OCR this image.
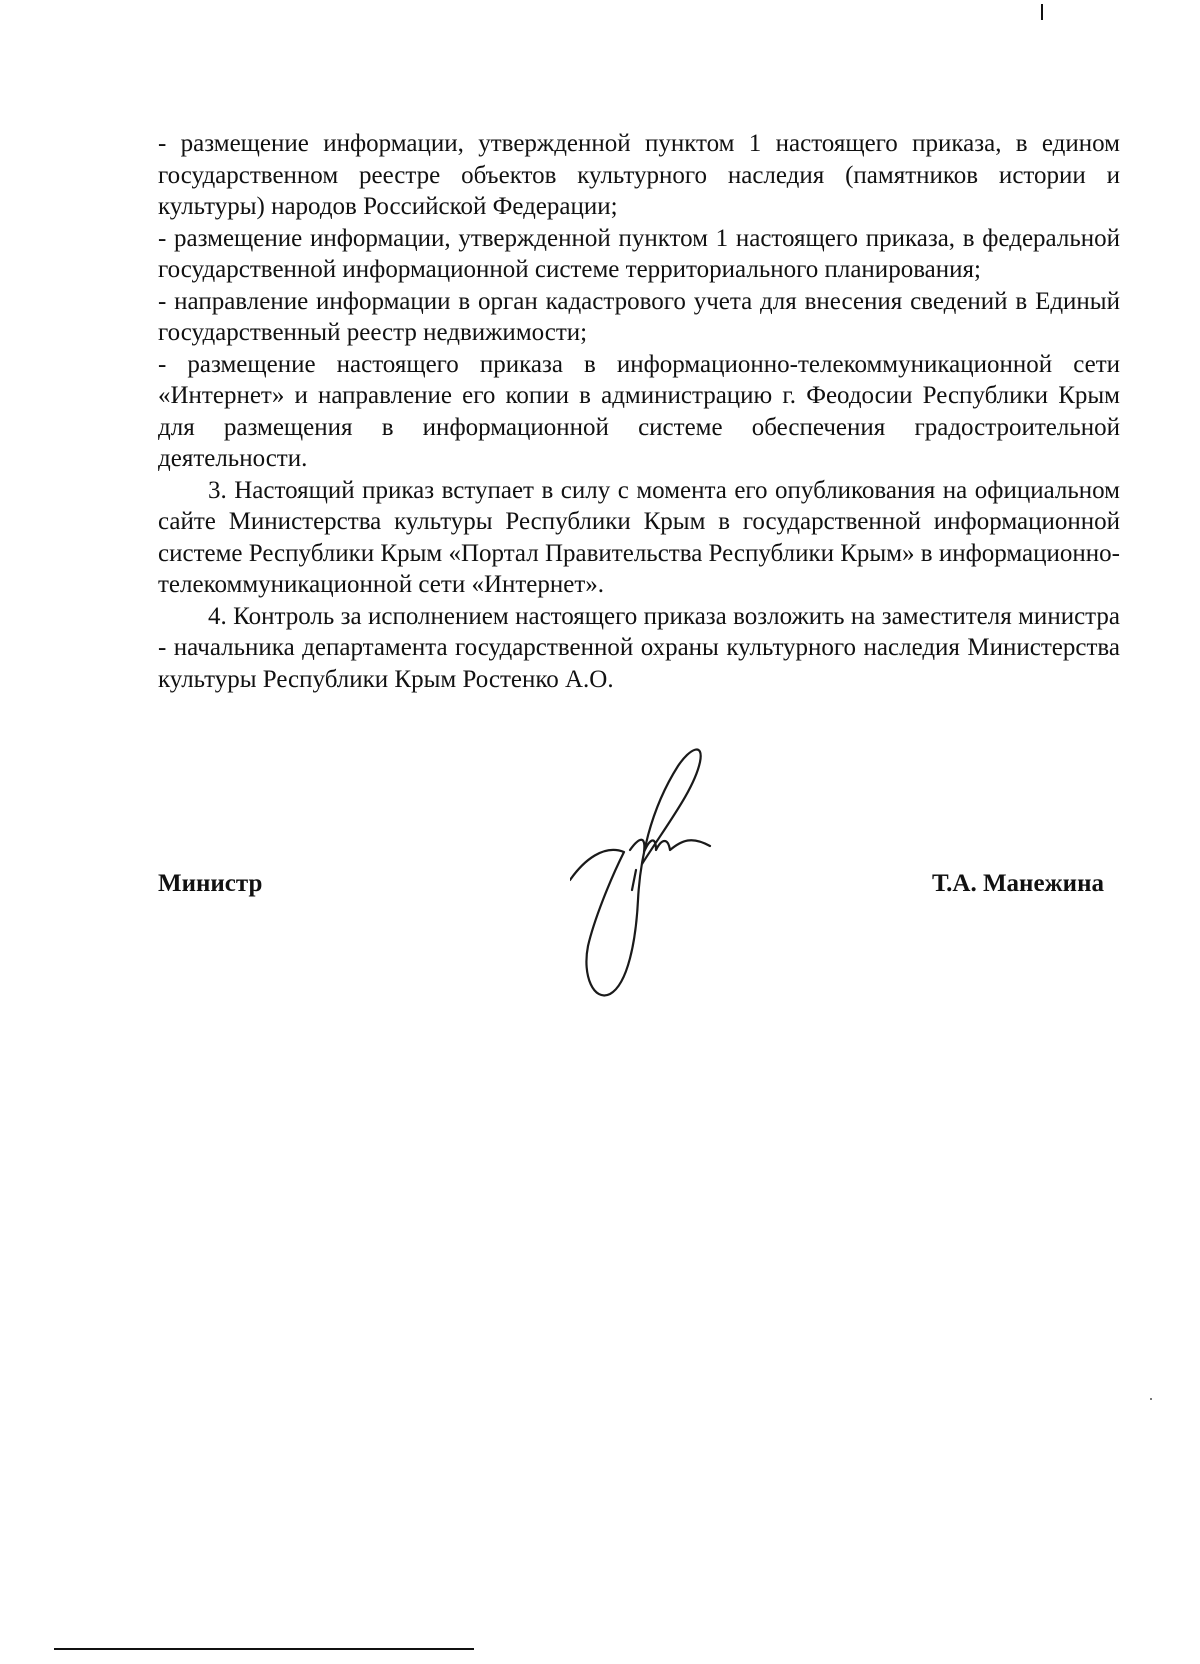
- размещение информации, утвержденной пунктом 1 настоящего приказа, в едином государственном реестре объектов культурного наследия (памятников истории и культуры) народов Российской Федерации;

- размещение информации, утвержденной пунктом 1 настоящего приказа, в федеральной государственной информационной системе территориального планирования;

- направление информации в орган кадастрового учета для внесения сведений в Единый государственный реестр недвижимости;

- размещение настоящего приказа в информационно-телекоммуникационной сети «Интернет» и направление его копии в администрацию г. Феодосии Республики Крым для размещения в информационной системе обеспечения градостроительной деятельности.

3. Настоящий приказ вступает в силу с момента его опубликования на официальном сайте Министерства культуры Республики Крым в государственной информационной системе Республики Крым «Портал Правительства Республики Крым» в информационно-телекоммуникационной сети «Интернет».

4. Контроль за исполнением настоящего приказа возложить на заместителя министра - начальника департамента государственной охраны культурного наследия Министерства культуры Республики Крым Ростенко А.О.

Министр	Т.А. Манежина
